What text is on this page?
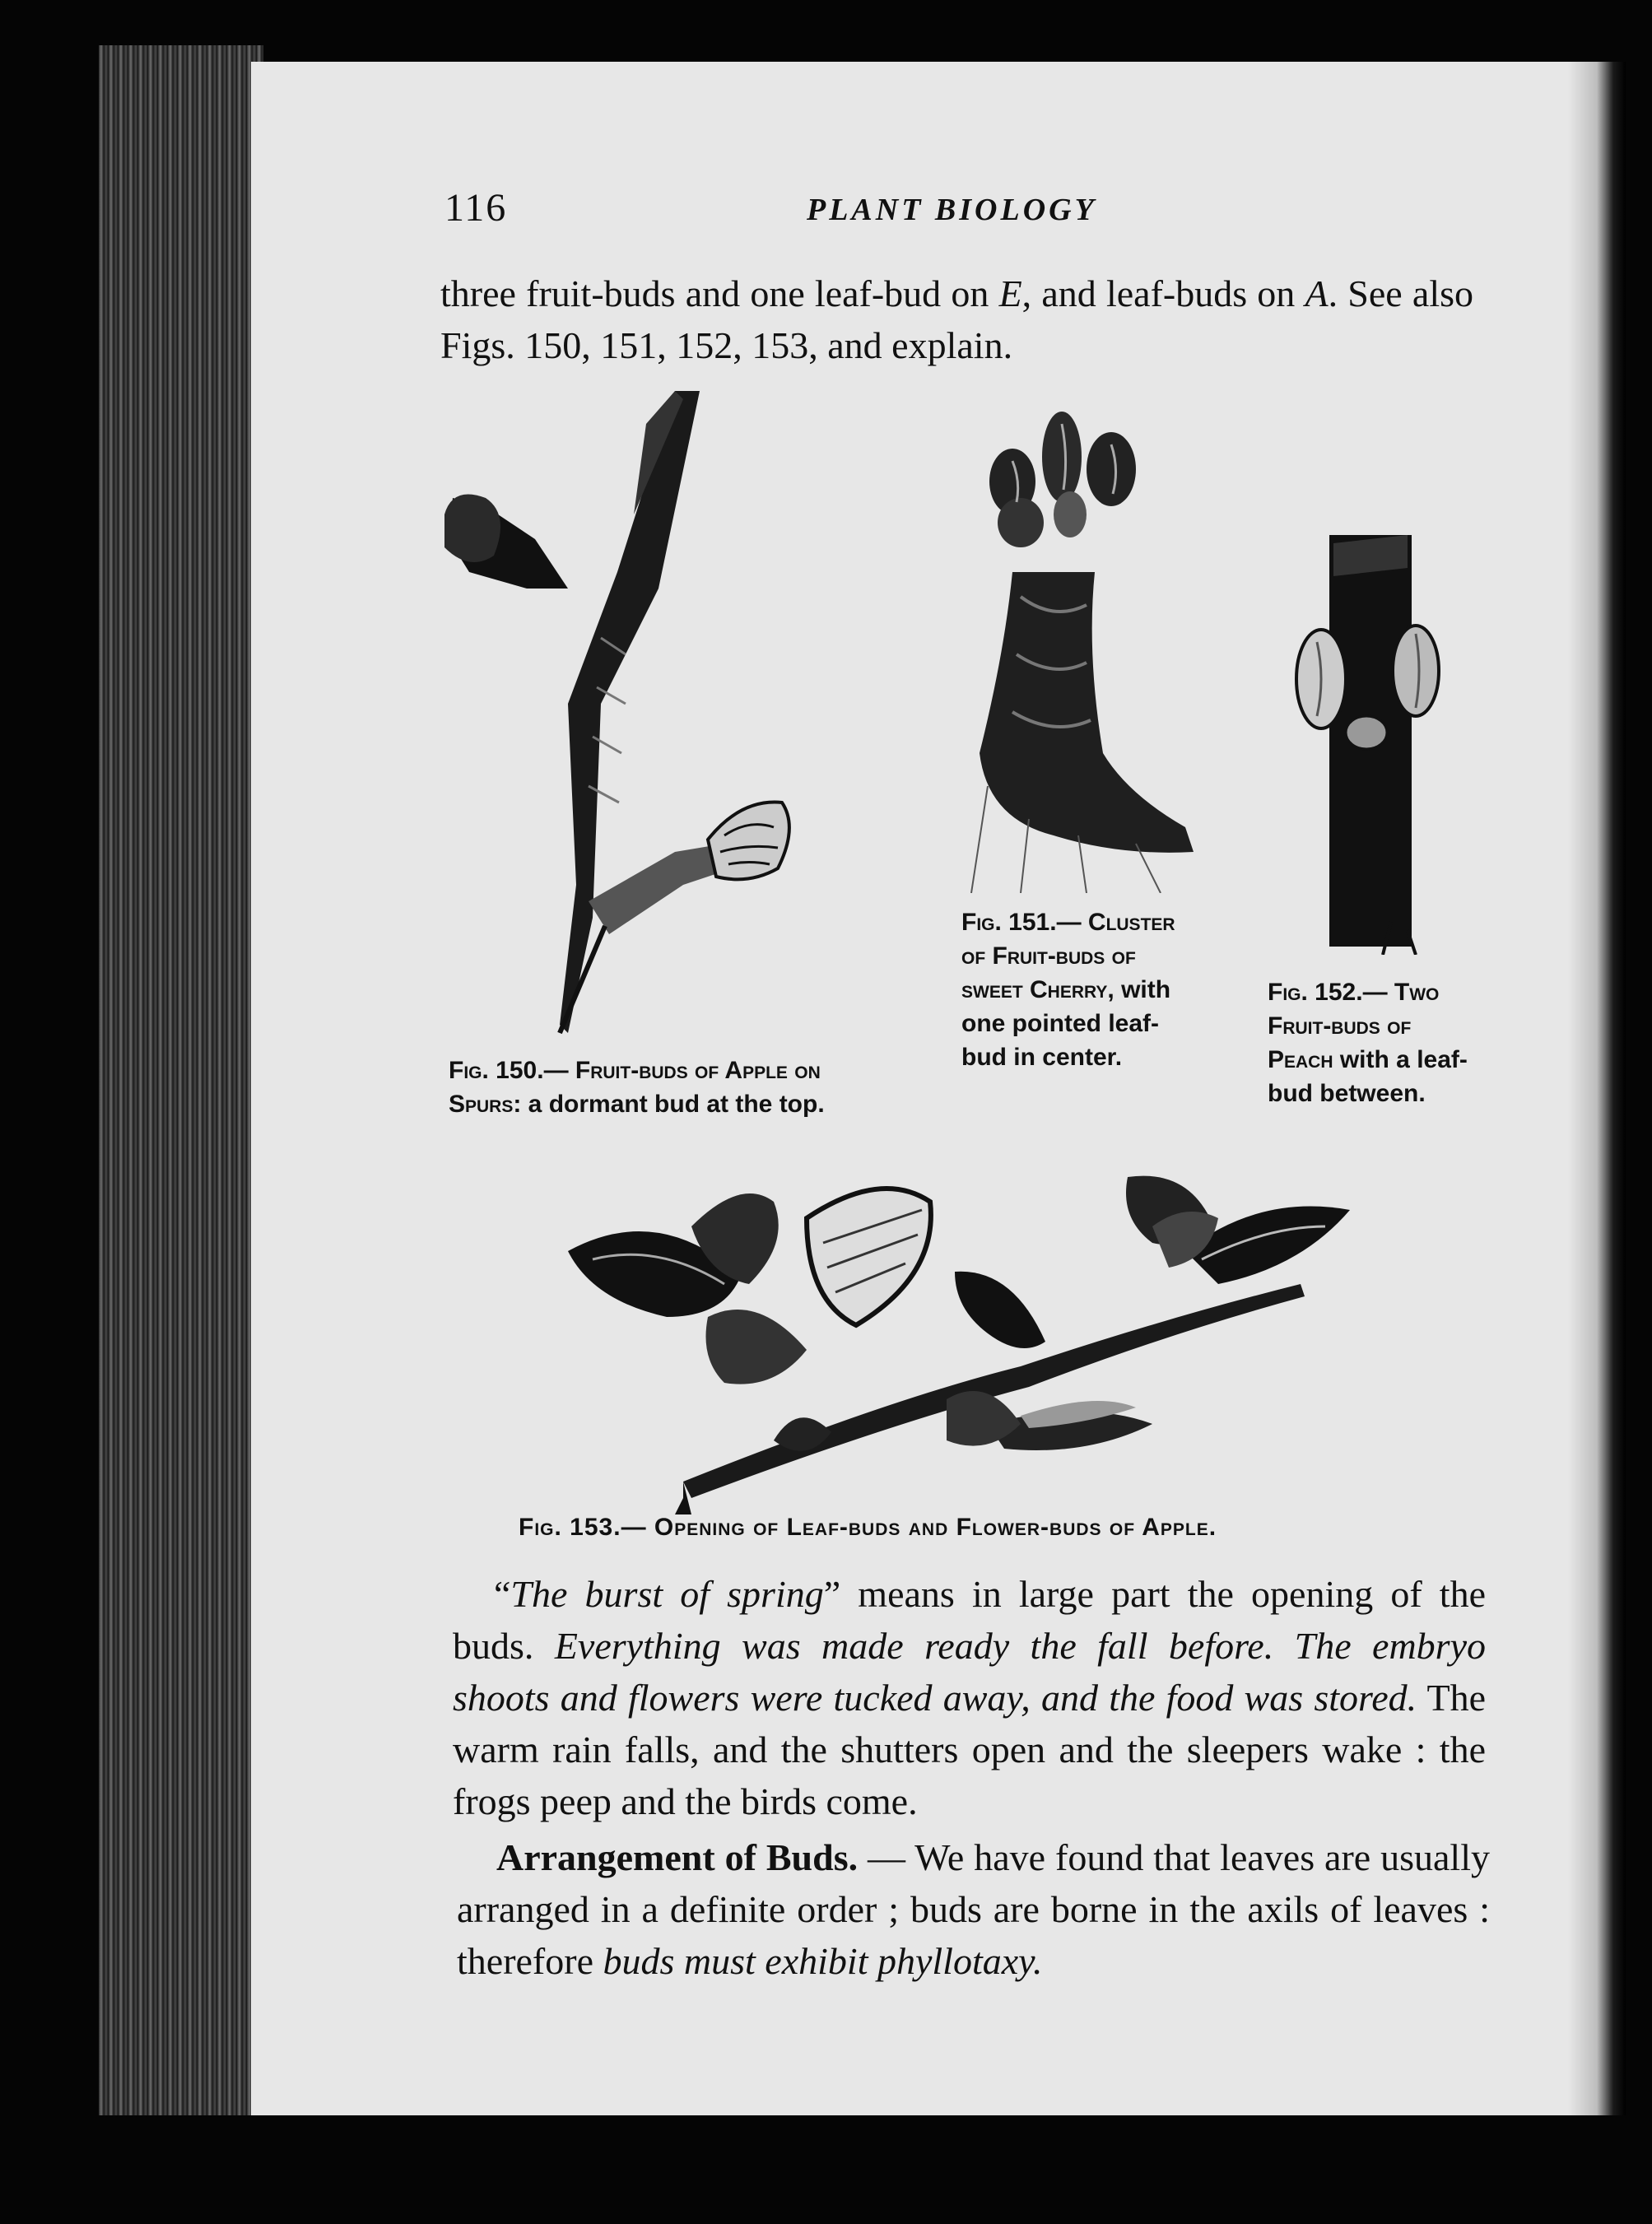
116	PLANT BIOLOGY
three fruit-buds and one leaf-bud on E, and leaf-buds on A. See also Figs. 150, 151, 152, 153, and explain.
Fig. 150.— Fruit-buds of Apple on Spurs: a dormant bud at the top.
Fig. 151.— Cluster of Fruit-buds of sweet Cherry, with one pointed leaf-bud in center.
Fig. 152.— Two Fruit-buds of Peach with a leaf-bud between.
Fig. 153.— Opening of Leaf-buds and Flower-buds of Apple.
“The burst of spring” means in large part the opening of the buds. Everything was made ready the fall before. The embryo shoots and flowers were tucked away, and the food was stored. The warm rain falls, and the shutters open and the sleepers wake : the frogs peep and the birds come.
Arrangement of Buds. — We have found that leaves are usually arranged in a definite order ; buds are borne in the axils of leaves : therefore buds must exhibit phyllotaxy.
